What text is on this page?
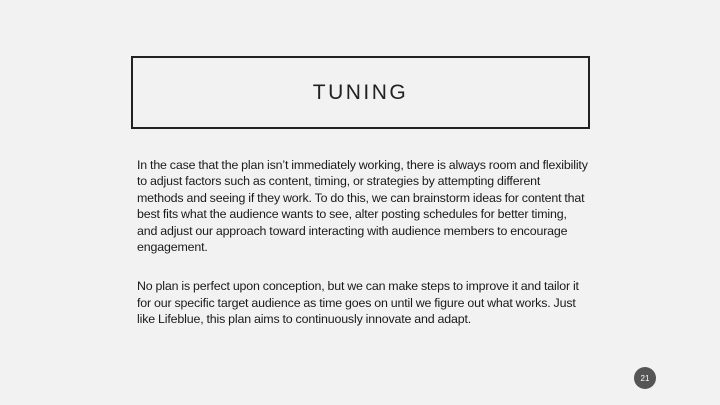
TUNING

In the case that the plan isn’t immediately working, there is always room and flexibility to adjust factors such as content, timing, or strategies by attempting different methods and seeing if they work. To do this, we can brainstorm ideas for content that best fits what the audience wants to see, alter posting schedules for better timing, and adjust our approach toward interacting with audience members to encourage engagement.

No plan is perfect upon conception, but we can make steps to improve it and tailor it for our specific target audience as time goes on until we figure out what works. Just like Lifeblue, this plan aims to continuously innovate and adapt.

21
